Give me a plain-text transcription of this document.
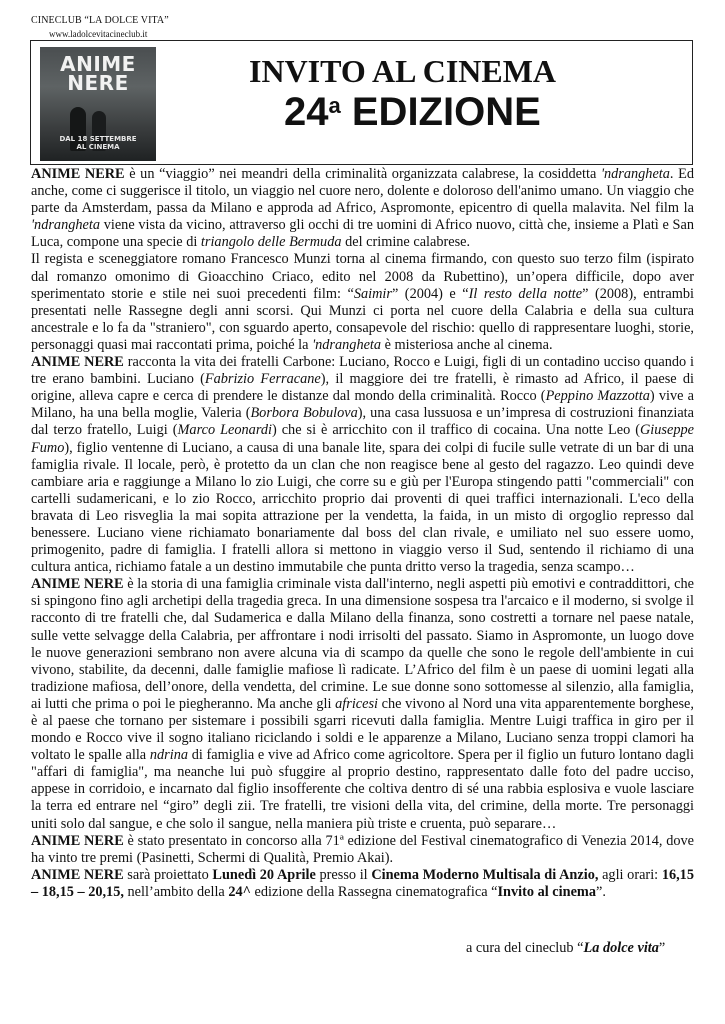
CINECLUB “LA DOLCE VITA”
www.ladolcevitacineclub.it
ANIME
NERE
DAL 18 SETTEMBRE
AL CINEMA
INVITO AL CINEMA
24$^a$ EDIZIONE

ANIME NERE è un “viaggio” nei meandri della criminalità organizzata calabrese, la cosiddetta 'ndrangheta. Ed anche, come ci suggerisce il titolo, un viaggio nel cuore nero, dolente e doloroso dell'animo umano. Un viaggio che parte da Amsterdam, passa da Milano e approda ad Africo, Aspromonte, epicentro di quella malavita. Nel film la 'ndrangheta viene vista da vicino, attraverso gli occhi di tre uomini di Africo nuovo, città che, insieme a Platì e San Luca, compone una specie di triangolo delle Bermuda del crimine calabrese.

Il regista e sceneggiatore romano Francesco Munzi torna al cinema firmando, con questo suo terzo film (ispirato dal romanzo omonimo di Gioacchino Criaco, edito nel 2008 da Rubettino), un’opera difficile, dopo aver sperimentato storie e stile nei suoi precedenti film: “Saimir” (2004) e “Il resto della notte” (2008), entrambi presentati nelle Rassegne degli anni scorsi. Qui Munzi ci porta nel cuore della Calabria e della sua cultura ancestrale e lo fa da "straniero", con sguardo aperto, consapevole del rischio: quello di rappresentare luoghi, storie, personaggi quasi mai raccontati prima, poiché la 'ndrangheta è misteriosa anche al cinema.

ANIME NERE racconta la vita dei fratelli Carbone: Luciano, Rocco e Luigi, figli di un contadino ucciso quando i tre erano bambini. Luciano (Fabrizio Ferracane), il maggiore dei tre fratelli, è rimasto ad Africo, il paese di origine, alleva capre e cerca di prendere le distanze dal mondo della criminalità. Rocco (Peppino Mazzotta) vive a Milano, ha una bella moglie, Valeria (Borbora Bobulova), una casa lussuosa e un’impresa di costruzioni finanziata dal terzo fratello, Luigi (Marco Leonardi) che si è arricchito con il traffico di cocaina. Una notte Leo (Giuseppe Fumo), figlio ventenne di Luciano, a causa di una banale lite, spara dei colpi di fucile sulle vetrate di un bar di una famiglia rivale. Il locale, però, è protetto da un clan che non reagisce bene al gesto del ragazzo. Leo quindi deve cambiare aria e raggiunge a Milano lo zio Luigi, che corre su e giù per l'Europa stingendo patti "commerciali" con cartelli sudamericani, e lo zio Rocco, arricchito proprio dai proventi di quei traffici internazionali. L'eco della bravata di Leo risveglia la mai sopita attrazione per la vendetta, la faida, in un misto di orgoglio represso dal benessere. Luciano viene richiamato bonariamente dal boss del clan rivale, e umiliato nel suo essere uomo, primogenito, padre di famiglia. I fratelli allora si mettono in viaggio verso il Sud, sentendo il richiamo di una cultura antica, richiamo fatale a un destino immutabile che punta dritto verso la tragedia, senza scampo…

ANIME NERE è la storia di una famiglia criminale vista dall'interno, negli aspetti più emotivi e contraddittori, che si spingono fino agli archetipi della tragedia greca. In una dimensione sospesa tra l'arcaico e il moderno, si svolge il racconto di tre fratelli che, dal Sudamerica e dalla Milano della finanza, sono costretti a tornare nel paese natale, sulle vette selvagge della Calabria, per affrontare i nodi irrisolti del passato. Siamo in Aspromonte, un luogo dove le nuove generazioni sembrano non avere alcuna via di scampo da quelle che sono le regole dell'ambiente in cui vivono, stabilite, da decenni, dalle famiglie mafiose lì radicate. L’Africo del film è un paese di uomini legati alla tradizione mafiosa, dell’onore, della vendetta, del crimine. Le sue donne sono sottomesse al silenzio, alla famiglia, ai lutti che prima o poi le piegheranno. Ma anche gli africesi che vivono al Nord una vita apparentemente borghese, è al paese che tornano per sistemare i possibili sgarri ricevuti dalla famiglia. Mentre Luigi traffica in giro per il mondo e Rocco vive il sogno italiano riciclando i soldi e le apparenze a Milano, Luciano senza troppi clamori ha voltato le spalle alla ndrina di famiglia e vive ad Africo come agricoltore. Spera per il figlio un futuro lontano dagli "affari di famiglia", ma neanche lui può sfuggire al proprio destino, rappresentato dalle foto del padre ucciso, appese in corridoio, e incarnato dal figlio insofferente che coltiva dentro di sé una rabbia esplosiva e vuole lasciare la terra ed entrare nel “giro” degli zii. Tre fratelli, tre visioni della vita, del crimine, della morte. Tre personaggi uniti solo dal sangue, e che solo il sangue, nella maniera più triste e cruenta, può separare…

ANIME NERE è stato presentato in concorso alla 71ª edizione del Festival cinematografico di Venezia 2014, dove ha vinto tre premi (Pasinetti, Schermi di Qualità, Premio Akai).

ANIME NERE sarà proiettato Lunedì 20 Aprile presso il Cinema Moderno Multisala di Anzio, agli orari: 16,15 – 18,15 – 20,15, nell’ambito della 24^ edizione della Rassegna cinematografica “Invito al cinema”.

a cura del cineclub “La dolce vita”
